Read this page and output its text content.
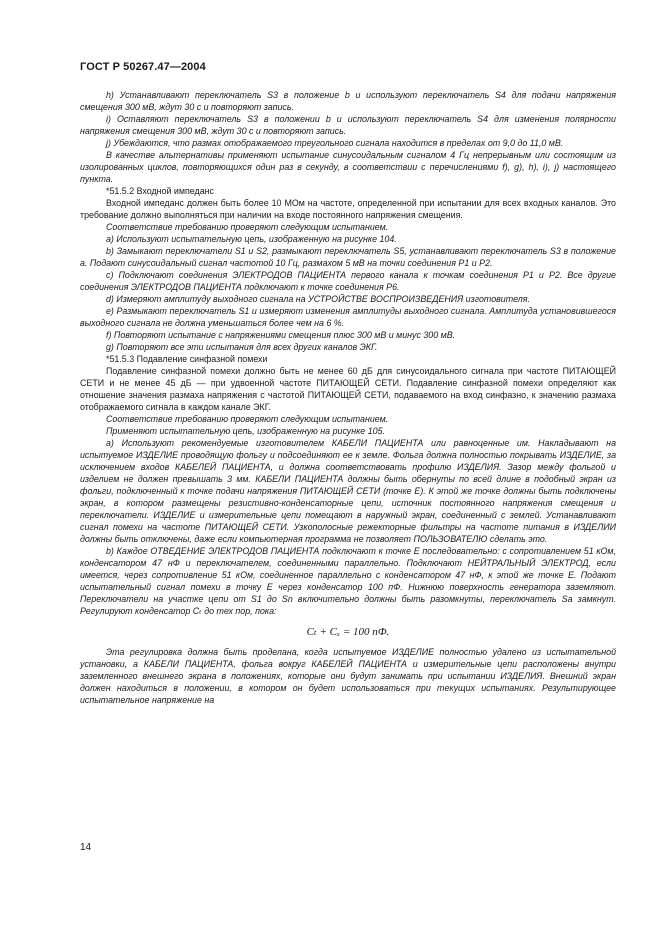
ГОСТ Р 50267.47—2004

h) Устанавливают переключатель S3 в положение b и используют переключатель S4 для подачи напряжения смещения 300 мВ, ждут 30 с и повторяют запись.

i) Оставляют переключатель S3 в положении b и используют переключатель S4 для изменения полярности напряжения смещения 300 мВ, ждут 30 с и повторяют запись.

j) Убеждаются, что размах отображаемого треугольного сигнала находится в пределах от 9,0 до 11,0 мВ.

В качестве альтернативы применяют испытание синусоидальным сигналом 4 Гц непрерывным или состоящим из изолированных циклов, повторяющихся один раз в секунду, в соответствии с перечислениями f), g), h), i), j) настоящего пункта.

*51.5.2 Входной импеданс

Входной импеданс должен быть более 10 МОм на частоте, определенной при испытании для всех входных каналов. Это требование должно выполняться при наличии на входе постоянного напряжения смещения.

Соответствие требованию проверяют следующим испытанием.

a) Используют испытательную цепь, изображенную на рисунке 104.

b) Замыкают переключатели S1 и S2, размыкают переключатель S5, устанавливают переключатель S3 в положение a. Подают синусоидальный сигнал частотой 10 Гц, размахом 5 мВ на точки соединения P1 и P2.

c) Подключают соединения ЭЛЕКТРОДОВ ПАЦИЕНТА первого канала к точкам соединения P1 и P2. Все другие соединения ЭЛЕКТРОДОВ ПАЦИЕНТА подключают к точке соединения P6.

d) Измеряют амплитуду выходного сигнала на УСТРОЙСТВЕ ВОСПРОИЗВЕДЕНИЯ изготовителя.

e) Размыкают переключатель S1 и измеряют изменения амплитуды выходного сигнала. Амплитуда установившегося выходного сигнала не должна уменьшаться более чем на 6 %.

f) Повторяют испытание с напряжениями смещения плюс 300 мВ и минус 300 мВ.

g) Повторяют все эти испытания для всех других каналов ЭКГ.

*51.5.3 Подавление синфазной помехи

Подавление синфазной помехи должно быть не менее 60 дБ для синусоидального сигнала при частоте ПИТАЮЩЕЙ СЕТИ и не менее 45 дБ — при удвоенной частоте ПИТАЮЩЕЙ СЕТИ. Подавление синфазной помехи определяют как отношение значения размаха напряжения с частотой ПИТАЮЩЕЙ СЕТИ, подаваемого на вход синфазно, к значению размаха отображаемого сигнала в каждом канале ЭКГ.

Соответствие требованию проверяют следующим испытанием.

Применяют испытательную цепь, изображенную на рисунке 105.

a) Используют рекомендуемые изготовителем КАБЕЛИ ПАЦИЕНТА или равноценные им. Накладывают на испытуемое ИЗДЕЛИЕ проводящую фольгу и подсоединяют ее к земле. Фольга должна полностью покрывать ИЗДЕЛИЕ, за исключением входов КАБЕЛЕЙ ПАЦИЕНТА, и должна соответствовать профилю ИЗДЕЛИЯ. Зазор между фольгой и изделием не должен превышать 3 мм. КАБЕЛИ ПАЦИЕНТА должны быть обернуты по всей длине в подобный экран из фольги, подключенный к точке подачи напряжения ПИТАЮЩЕЙ СЕТИ (точке E). К этой же точке должны быть подключены экран, в котором размещены резистивно-конденсаторные цепи, источник постоянного напряжения смещения и переключатели. ИЗДЕЛИЕ и измерительные цепи помещают в наружный экран, соединенный с землей. Устанавливают сигнал помехи на частоте ПИТАЮЩЕЙ СЕТИ. Узкополосные режекторные фильтры на частоте питания в ИЗДЕЛИИ должны быть отключены, даже если компьютерная программа не позволяет ПОЛЬЗОВАТЕЛЮ сделать это.

b) Каждое ОТВЕДЕНИЕ ЭЛЕКТРОДОВ ПАЦИЕНТА подключают к точке E последовательно: с сопротивлением 51 кОм, конденсатором 47 нФ и переключателем, соединенными параллельно. Подключают НЕЙТРАЛЬНЫЙ ЭЛЕКТРОД, если имеется, через сопротивление 51 кОм, соединенное параллельно с конденсатором 47 нФ, к этой же точке E. Подают испытательный сигнал помехи в точку E через конденсатор 100 пФ. Нижнюю поверхность генератора заземляют. Переключатели на участке цепи от S1 до Sn включительно должны быть разомкнуты, переключатель Sa замкнут. Регулируют конденсатор Cₜ до тех пор, пока:

Cₜ + Cₓ = 100 пФ.

Эта регулировка должна быть проделана, когда испытуемое ИЗДЕЛИЕ полностью удалено из испытательной установки, а КАБЕЛИ ПАЦИЕНТА, фольга вокруг КАБЕЛЕЙ ПАЦИЕНТА и измерительные цепи расположены внутри заземленного внешнего экрана в положениях, которые они будут занимать при испытании ИЗДЕЛИЯ. Внешний экран должен находиться в положении, в котором он будет использоваться при текущих испытаниях. Результирующее испытательное напряжение на

14
